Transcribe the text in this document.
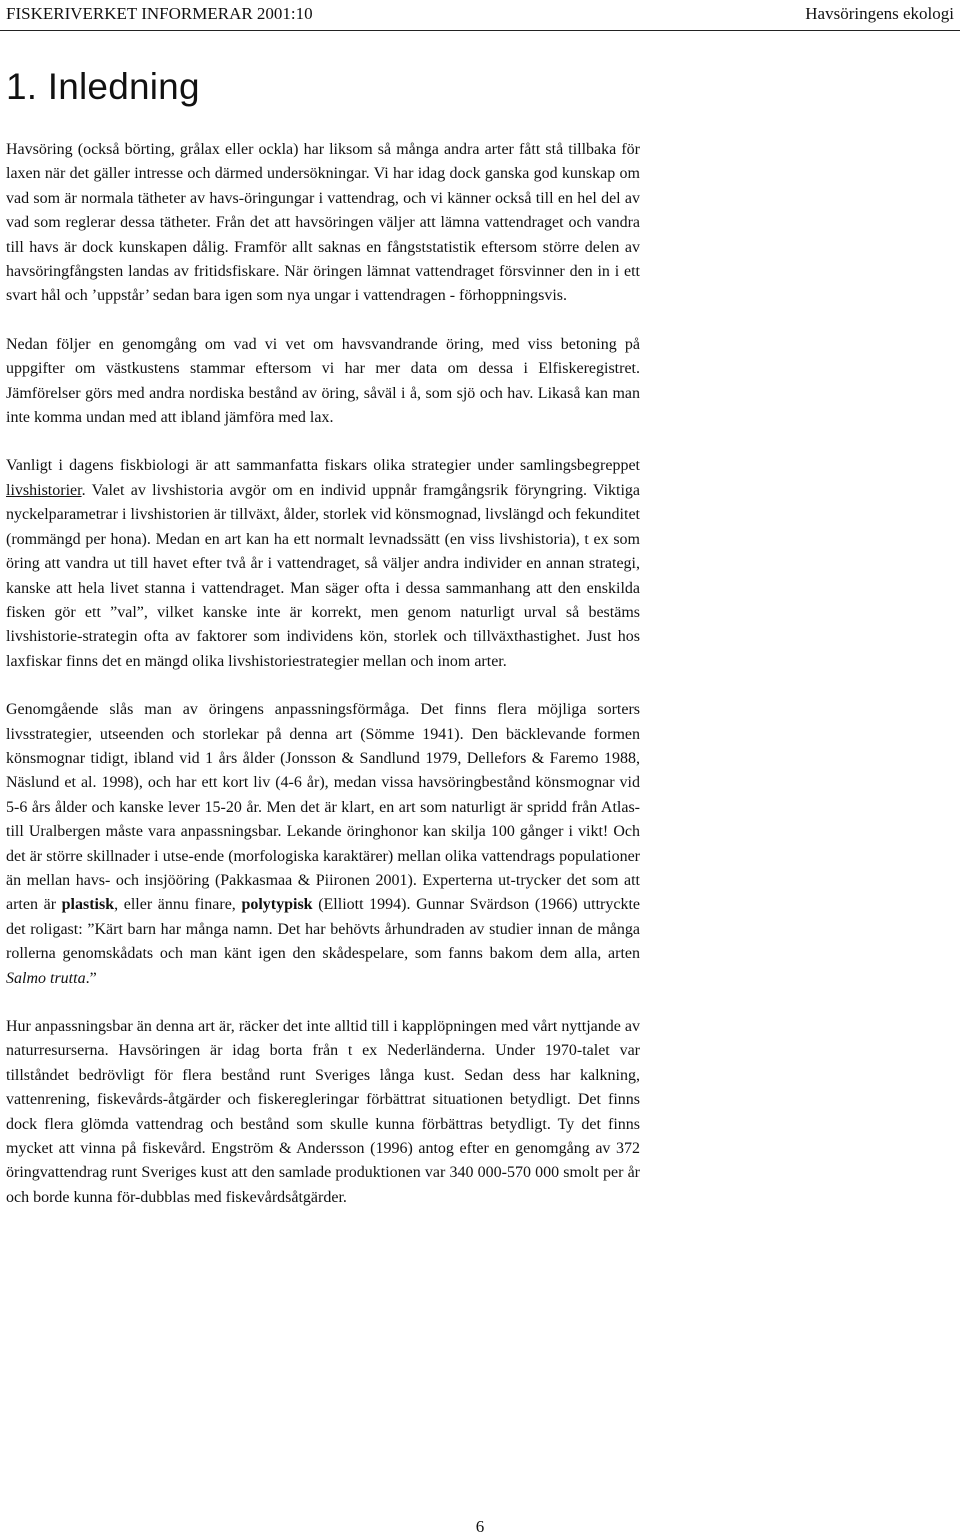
FISKERIVERKET INFORMERAR 2001:10	Havsöringens ekologi
1. Inledning

Havsöring (också börting, grålax eller ockla) har liksom så många andra arter fått stå tillbaka för laxen när det gäller intresse och därmed undersökningar. Vi har idag dock ganska god kunskap om vad som är normala tätheter av havs-öringungar i vattendrag, och vi känner också till en hel del av vad som reglerar dessa tätheter. Från det att havsöringen väljer att lämna vattendraget och vandra till havs är dock kunskapen dålig. Framför allt saknas en fångststatistik eftersom större delen av havsöringfångsten landas av fritidsfiskare. När öringen lämnat vattendraget försvinner den in i ett svart hål och ’uppstår’ sedan bara igen som nya ungar i vattendragen - förhoppningsvis.

Nedan följer en genomgång om vad vi vet om havsvandrande öring, med viss betoning på uppgifter om västkustens stammar eftersom vi har mer data om dessa i Elfiskeregistret. Jämförelser görs med andra nordiska bestånd av öring, såväl i å, som sjö och hav. Likaså kan man inte komma undan med att ibland jämföra med lax.

Vanligt i dagens fiskbiologi är att sammanfatta fiskars olika strategier under samlingsbegreppet livshistorier. Valet av livshistoria avgör om en individ uppnår framgångsrik föryngring. Viktiga nyckelparametrar i livshistorien är tillväxt, ålder, storlek vid könsmognad, livslängd och fekunditet (rommängd per hona). Medan en art kan ha ett normalt levnadssätt (en viss livshistoria), t ex som öring att vandra ut till havet efter två år i vattendraget, så väljer andra individer en annan strategi, kanske att hela livet stanna i vattendraget. Man säger ofta i dessa sammanhang att den enskilda fisken gör ett ”val”, vilket kanske inte är korrekt, men genom naturligt urval så bestäms livshistorie-strategin ofta av faktorer som individens kön, storlek och tillväxthastighet. Just hos laxfiskar finns det en mängd olika livshistoriestrategier mellan och inom arter.

Genomgående slås man av öringens anpassningsförmåga. Det finns flera möjliga sorters livsstrategier, utseenden och storlekar på denna art (Sömme 1941). Den bäcklevande formen könsmognar tidigt, ibland vid 1 års ålder (Jonsson & Sandlund 1979, Dellefors & Faremo 1988, Näslund et al. 1998), och har ett kort liv (4-6 år), medan vissa havsöringbestånd könsmognar vid 5-6 års ålder och kanske lever 15-20 år. Men det är klart, en art som naturligt är spridd från Atlas- till Uralbergen måste vara anpassningsbar. Lekande öringhonor kan skilja 100 gånger i vikt! Och det är större skillnader i utse-ende (morfologiska karaktärer) mellan olika vattendrags populationer än mellan havs- och insjööring (Pakkasmaa & Piironen 2001). Experterna ut-trycker det som att arten är plastisk, eller ännu finare, polytypisk (Elliott 1994). Gunnar Svärdson (1966) uttryckte det roligast: ”Kärt barn har många namn. Det har behövts århundraden av studier innan de många rollerna genomskådats och man känt igen den skådespelare, som fanns bakom dem alla, arten Salmo trutta.”

Hur anpassningsbar än denna art är, räcker det inte alltid till i kapplöpningen med vårt nyttjande av naturresurserna. Havsöringen är idag borta från t ex Nederländerna. Under 1970-talet var tillståndet bedrövligt för flera bestånd runt Sveriges långa kust. Sedan dess har kalkning, vattenrening, fiskevårds-åtgärder och fiskeregleringar förbättrat situationen betydligt. Det finns dock flera glömda vattendrag och bestånd som skulle kunna förbättras betydligt. Ty det finns mycket att vinna på fiskevård. Engström & Andersson (1996) antog efter en genomgång av 372 öringvattendrag runt Sveriges kust att den samlade produktionen var 340 000-570 000 smolt per år och borde kunna för-dubblas med fiskevårdsåtgärder.

6
